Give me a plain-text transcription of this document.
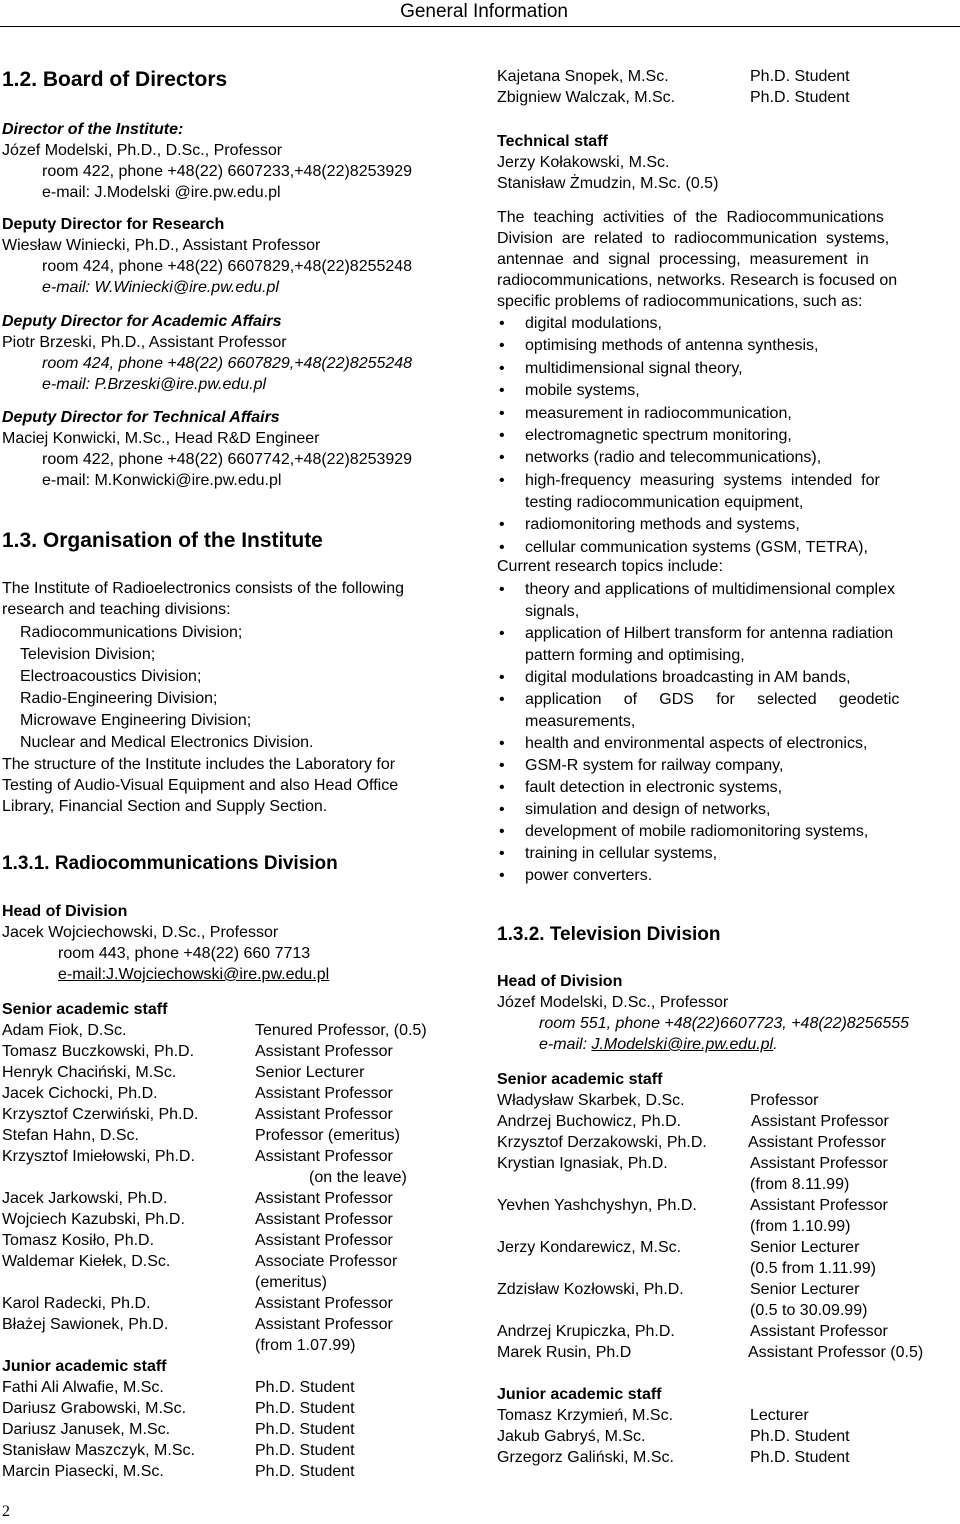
General Information
1.2. Board of Directors
Director of the Institute:
Józef Modelski, Ph.D., D.Sc., Professor
room 422, phone +48(22) 6607233,+48(22)8253929
e-mail: J.Modelski @ire.pw.edu.pl
Deputy Director for Research
Wiesław Winiecki, Ph.D., Assistant Professor
room 424, phone +48(22) 6607829,+48(22)8255248
e-mail: W.Winiecki@ire.pw.edu.pl
Deputy Director for Academic Affairs
Piotr Brzeski, Ph.D., Assistant Professor
room 424, phone +48(22) 6607829,+48(22)8255248
e-mail: P.Brzeski@ire.pw.edu.pl
Deputy Director for Technical Affairs
Maciej Konwicki, M.Sc., Head R&D Engineer
room 422, phone +48(22) 6607742,+48(22)8253929
e-mail: M.Konwicki@ire.pw.edu.pl
1.3. Organisation of the Institute
The Institute of Radioelectronics consists of the following
research and teaching divisions:
• Radiocommunications Division;
• Television Division;
• Electroacoustics Division;
• Radio-Engineering Division;
• Microwave Engineering Division;
• Nuclear and Medical Electronics Division.
The structure of the Institute includes the Laboratory for
Testing of Audio-Visual Equipment and also Head Office
Library, Financial Section and Supply Section.
1.3.1. Radiocommunications Division
Head of Division
Jacek Wojciechowski, D.Sc., Professor
room 443, phone +48(22) 660 7713
e-mail:J.Wojciechowski@ire.pw.edu.pl
Senior academic staff
Adam Fiok, D.Sc.	Tenured Professor, (0.5)
Tomasz Buczkowski, Ph.D.	Assistant Professor
Henryk Chaciński, M.Sc.	Senior Lecturer
Jacek Cichocki, Ph.D.	Assistant Professor
Krzysztof Czerwiński, Ph.D.	Assistant Professor
Stefan Hahn, D.Sc.	Professor (emeritus)
Krzysztof Imiełowski, Ph.D.	Assistant Professor
(on the leave)
Jacek Jarkowski, Ph.D.	Assistant Professor
Wojciech Kazubski, Ph.D.	Assistant Professor
Tomasz Kosiło, Ph.D.	Assistant Professor
Waldemar Kiełek, D.Sc.	Associate Professor
(emeritus)
Karol Radecki, Ph.D.	Assistant Professor
Błażej Sawionek, Ph.D.	Assistant Professor
(from 1.07.99)
Junior academic staff
Fathi Ali Alwafie, M.Sc.	Ph.D. Student
Dariusz Grabowski, M.Sc.	Ph.D. Student
Dariusz Janusek, M.Sc.	Ph.D. Student
Stanisław Maszczyk, M.Sc.	Ph.D. Student
Marcin Piasecki, M.Sc.	Ph.D. Student
Kajetana Snopek, M.Sc.	Ph.D. Student
Zbigniew Walczak, M.Sc.	Ph.D. Student
Technical staff
Jerzy Kołakowski, M.Sc.
Stanisław Żmudzin, M.Sc. (0.5)
The  teaching  activities  of  the  Radiocommunications
Division  are  related  to  radiocommunication  systems,
antennae  and  signal  processing,  measurement  in
radiocommunications, networks. Research is focused on
specific problems of radiocommunications, such as:
• digital modulations,
• optimising methods of antenna synthesis,
• multidimensional signal theory,
• mobile systems,
• measurement in radiocommunication,
• electromagnetic spectrum monitoring,
• networks (radio and telecommunications),
• high-frequency  measuring  systems  intended  for
testing radiocommunication equipment,
• radiomonitoring methods and systems,
• cellular communication systems (GSM, TETRA),
Current research topics include:
• theory and applications of multidimensional complex
signals,
• application of Hilbert transform for antenna radiation
pattern forming and optimising,
• digital modulations broadcasting in AM bands,
• application     of     GDS     for     selected     geodetic
measurements,
• health and environmental aspects of electronics,
• GSM-R system for railway company,
• fault detection in electronic systems,
• simulation and design of networks,
• development of mobile radiomonitoring systems,
• training in cellular systems,
• power converters.
1.3.2. Television Division
Head of Division
Józef Modelski, D.Sc., Professor
room 551, phone +48(22)6607723, +48(22)8256555
e-mail: J.Modelski@ire.pw.edu.pl.
Senior academic staff
Władysław Skarbek, D.Sc.	Professor
Andrzej Buchowicz, Ph.D.	Assistant Professor
Krzysztof Derzakowski, Ph.D.	Assistant Professor
Krystian Ignasiak, Ph.D.	Assistant Professor
(from 8.11.99)
Yevhen Yashchyshyn, Ph.D.	Assistant Professor
(from 1.10.99)
Jerzy Kondarewicz, M.Sc.	Senior Lecturer
(0.5 from 1.11.99)
Zdzisław Kozłowski, Ph.D.	Senior Lecturer
(0.5 to 30.09.99)
Andrzej Krupiczka, Ph.D.	Assistant Professor
Marek Rusin, Ph.D	Assistant Professor (0.5)
Junior academic staff
Tomasz Krzymień, M.Sc.	Lecturer
Jakub Gabryś, M.Sc.	Ph.D. Student
Grzegorz Galiński, M.Sc.	Ph.D. Student
2
